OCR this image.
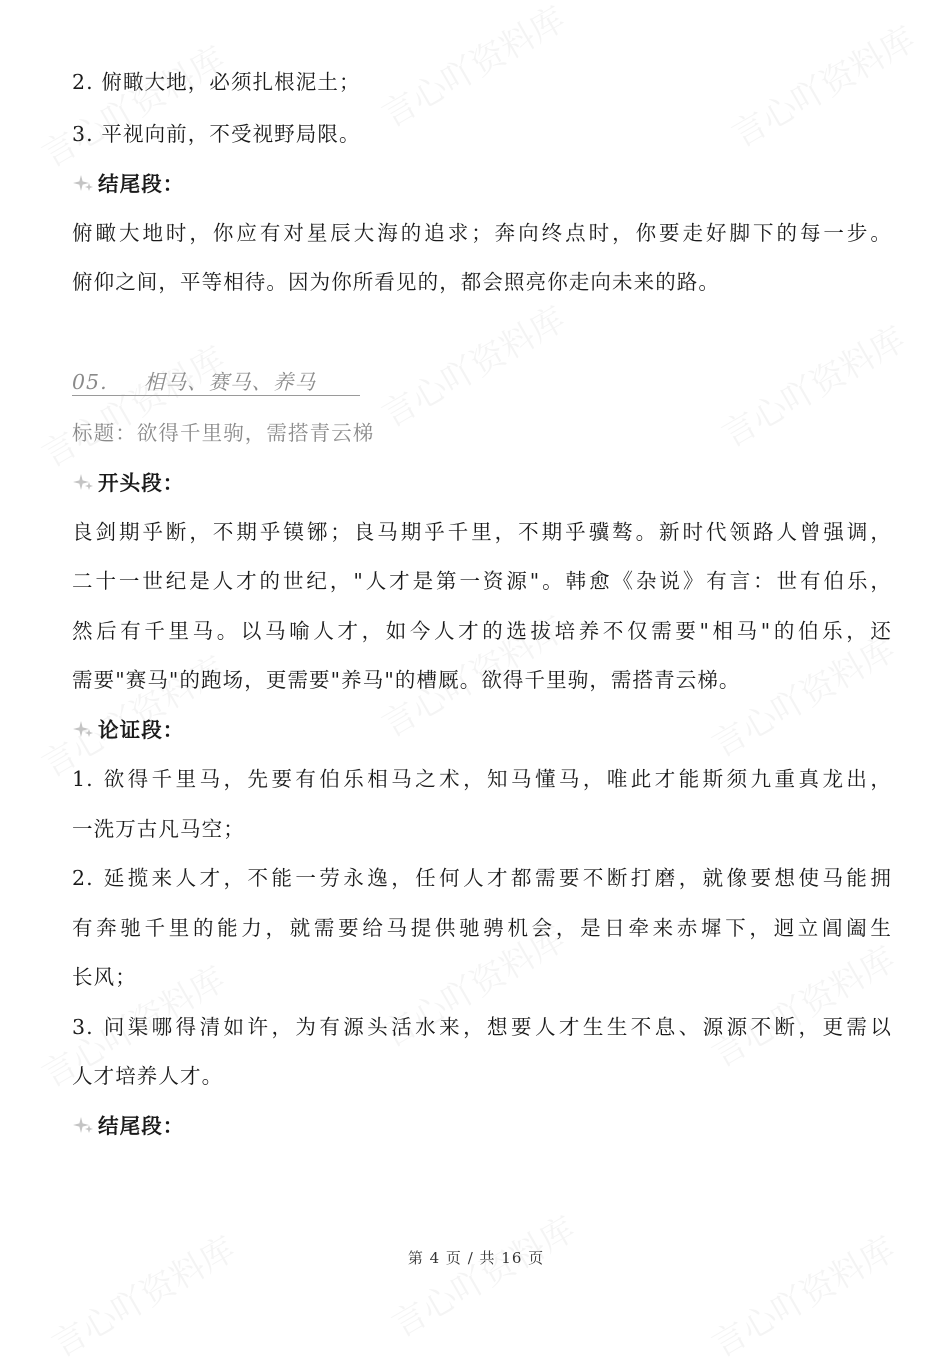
2. 俯瞰大地，必须扎根泥土；
3. 平视向前，不受视野局限。
结尾段：
俯瞰大地时，你应有对星辰大海的追求；奔向终点时，你要走好脚下的每一步。
俯仰之间，平等相待。因为你所看见的，都会照亮你走向未来的路。
05. 相马、赛马、养马
标题：欲得千里驹，需搭青云梯
开头段：
良剑期乎断，不期乎镆铘；良马期乎千里，不期乎骥骜。新时代领路人曾强调，
二十一世纪是人才的世纪，"人才是第一资源"。韩愈《杂说》有言：世有伯乐，
然后有千里马。以马喻人才，如今人才的选拔培养不仅需要"相马"的伯乐，还
需要"赛马"的跑场，更需要"养马"的槽厩。欲得千里驹，需搭青云梯。
论证段：
1. 欲得千里马，先要有伯乐相马之术，知马懂马，唯此才能斯须九重真龙出，
一洗万古凡马空；
2. 延揽来人才，不能一劳永逸，任何人才都需要不断打磨，就像要想使马能拥
有奔驰千里的能力，就需要给马提供驰骋机会，是日牵来赤墀下，迥立阊阖生
长风；
3. 问渠哪得清如许，为有源头活水来，想要人才生生不息、源源不断，更需以
人才培养人才。
结尾段：
第 4 页 / 共 16 页
